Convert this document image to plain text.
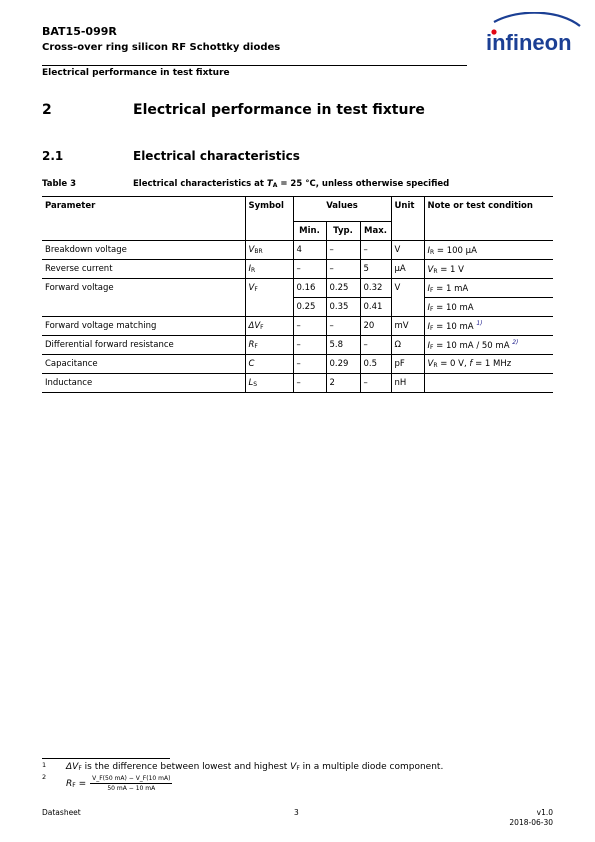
BAT15-099R
Cross-over ring silicon RF Schottky diodes
Electrical performance in test fixture
infineon
2	Electrical performance in test fixture
2.1	Electrical characteristics
Table 3	Electrical characteristics at $T_A = 25$ °C, unless otherwise specified
Parameter	Symbol	Values			Unit	Note or test condition
		Min.	Typ.	Max.		
Breakdown voltage	$V_{BR}$	4	–	–	V	$I_R = 100$ µA
Reverse current	$I_R$	–	–	5	µA	$V_R = 1$ V
Forward voltage	$V_F$	0.16	0.25	0.32	V	$I_F = 1$ mA
		0.25	0.35	0.41		$I_F = 10$ mA
Forward voltage matching	$\Delta V_F$	–	–	20	mV	$I_F = 10$ mA $^{1)}$
Differential forward resistance	$R_F$	–	5.8	–	Ω	$I_F = 10$ mA / 50 mA $^{2)}$
Capacitance	C	–	0.29	0.5	pF	$V_R = 0$ V, f = 1 MHz
Inductance	$L_S$	–	2	–	nH	
1 $\Delta V_F$ is the difference between lowest and highest $V_F$ in a multiple diode component.
2
$R_F = \frac{V\_F(50 mA) - V\_F(10 mA)}{50 mA - 10 mA}$
Datasheet	3	v1.0
2018-06-30
